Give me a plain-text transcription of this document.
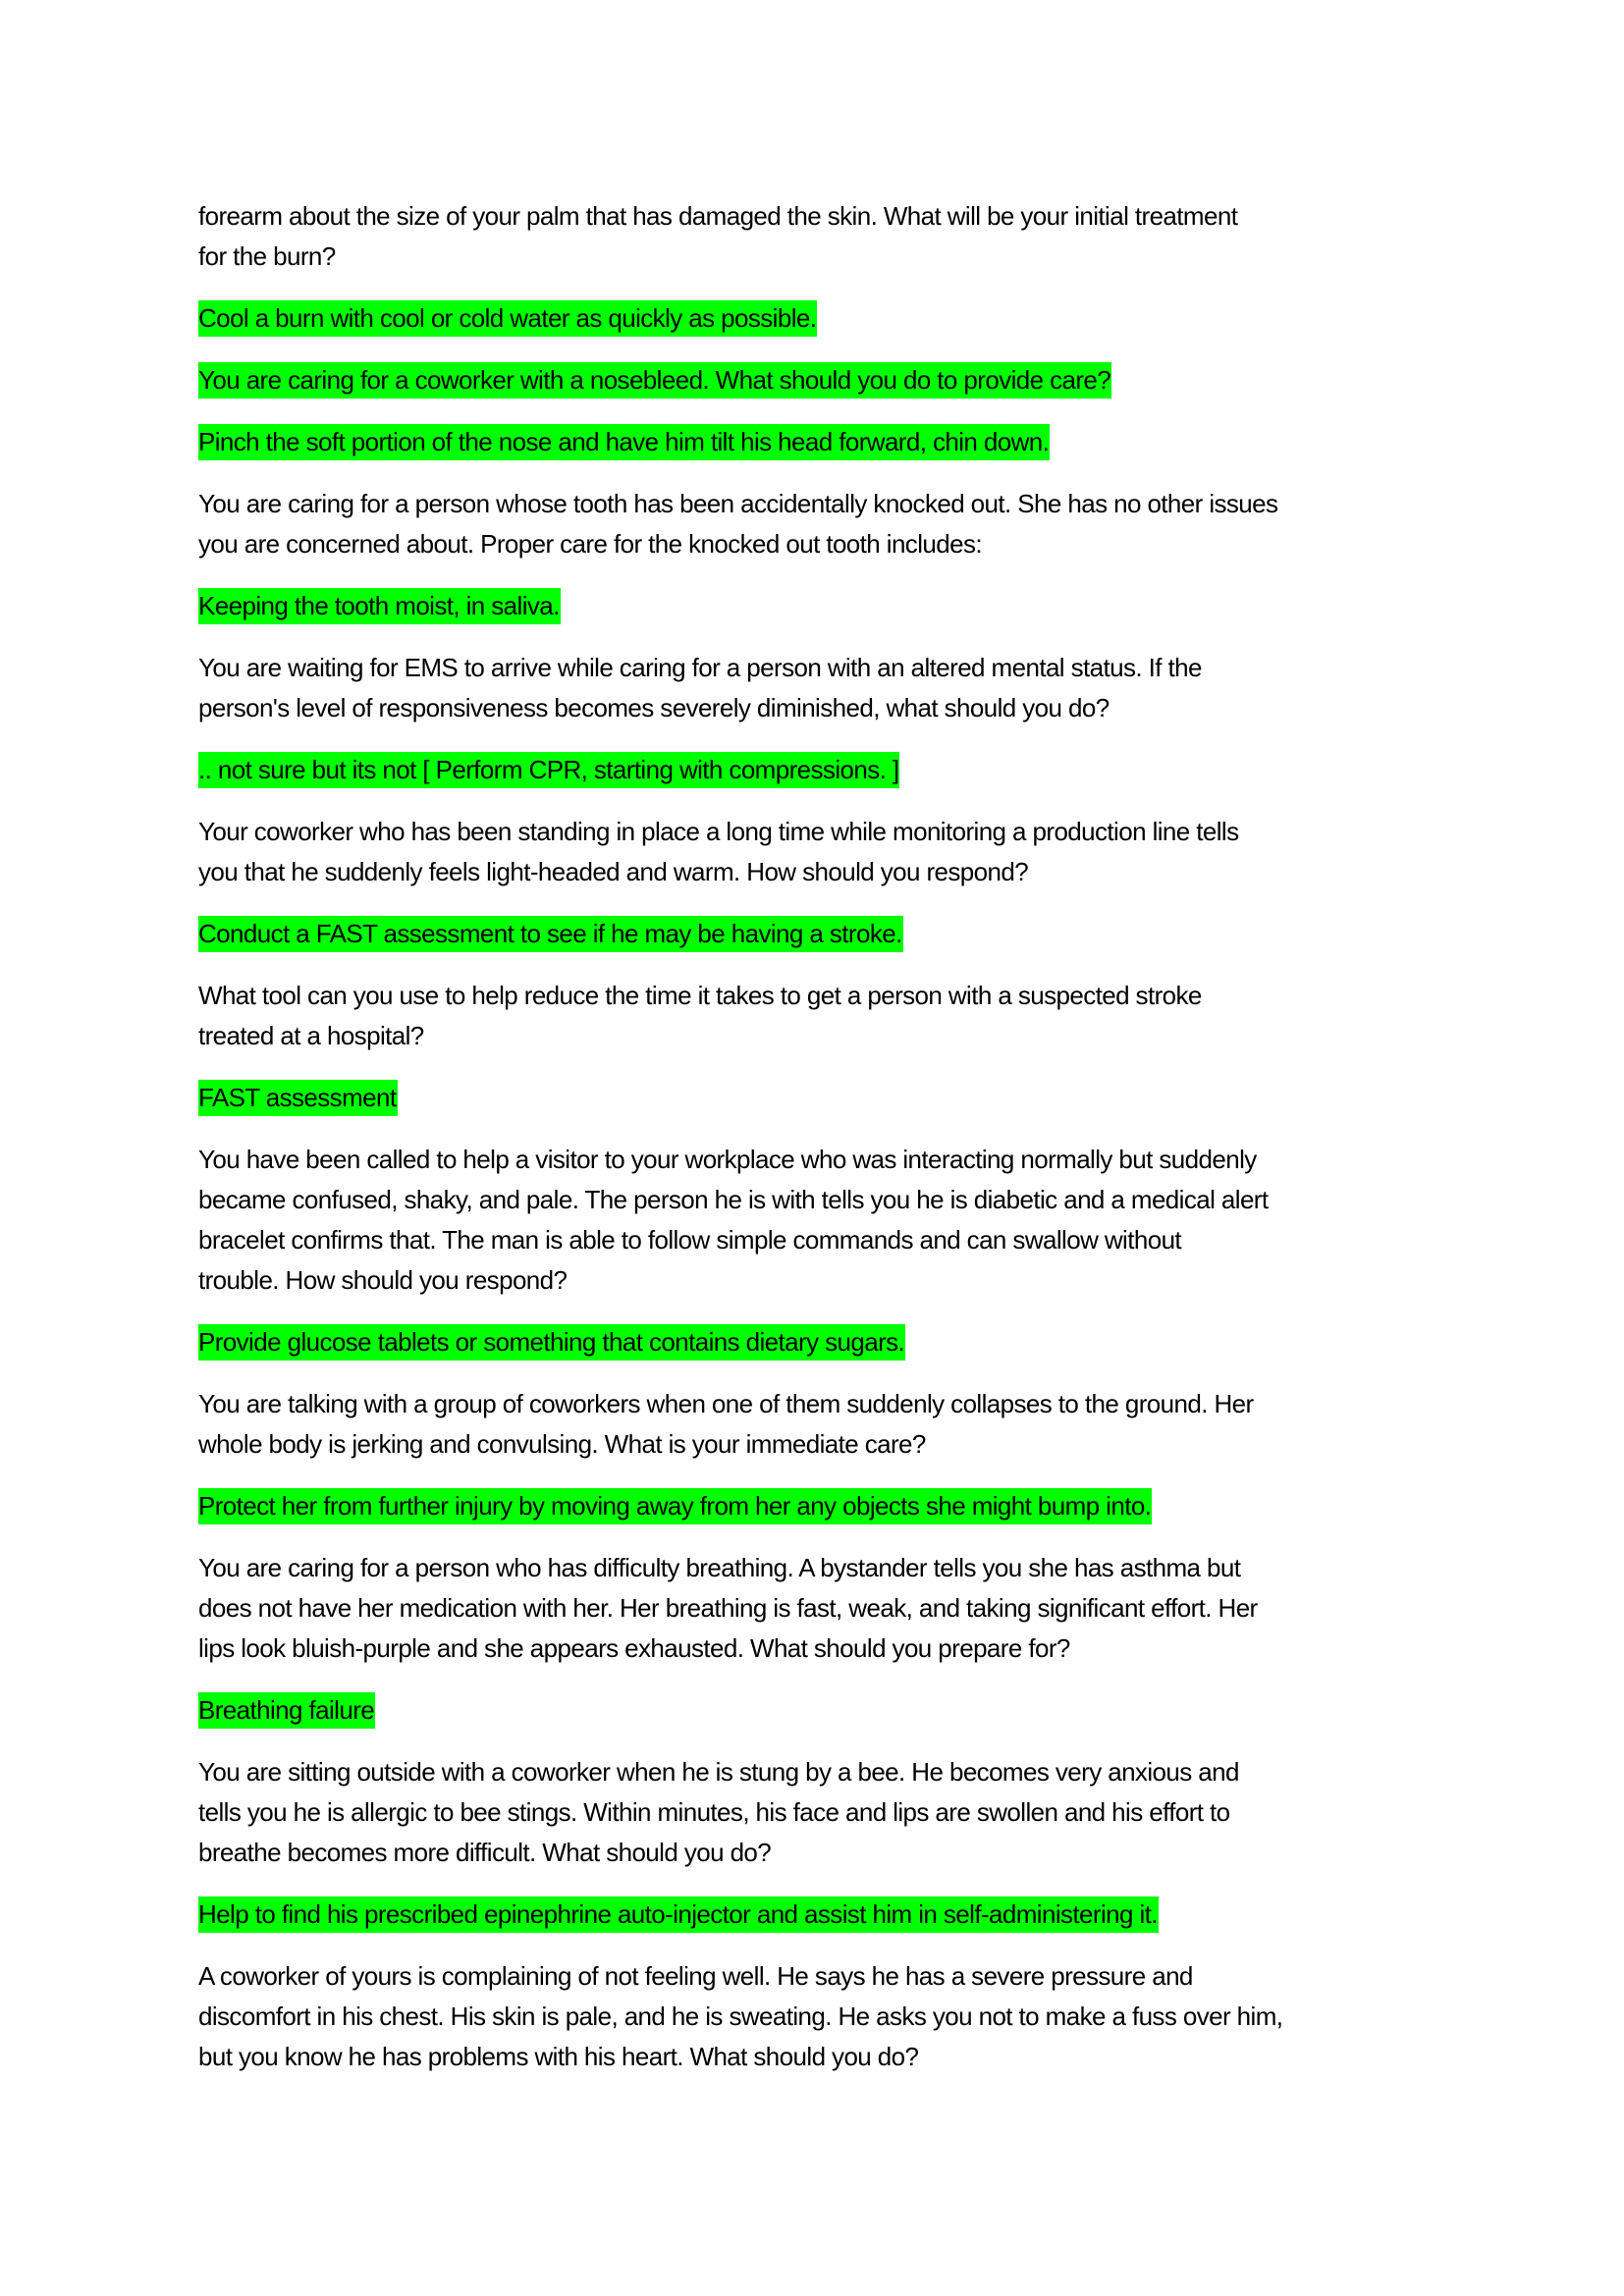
forearm about the size of your palm that has damaged the skin. What will be your initial treatment
for the burn?
Cool a burn with cool or cold water as quickly as possible.
You are caring for a coworker with a nosebleed. What should you do to provide care?
Pinch the soft portion of the nose and have him tilt his head forward, chin down.
You are caring for a person whose tooth has been accidentally knocked out. She has no other issues
you are concerned about. Proper care for the knocked out tooth includes:
Keeping the tooth moist, in saliva.
You are waiting for EMS to arrive while caring for a person with an altered mental status. If the
person's level of responsiveness becomes severely diminished, what should you do?
.. not sure but its not [ Perform CPR, starting with compressions. ]
Your coworker who has been standing in place a long time while monitoring a production line tells
you that he suddenly feels light-headed and warm. How should you respond?
Conduct a FAST assessment to see if he may be having a stroke.
What tool can you use to help reduce the time it takes to get a person with a suspected stroke
treated at a hospital?
FAST assessment
You have been called to help a visitor to your workplace who was interacting normally but suddenly
became confused, shaky, and pale. The person he is with tells you he is diabetic and a medical alert
bracelet confirms that. The man is able to follow simple commands and can swallow without
trouble. How should you respond?
Provide glucose tablets or something that contains dietary sugars.
You are talking with a group of coworkers when one of them suddenly collapses to the ground. Her
whole body is jerking and convulsing. What is your immediate care?
Protect her from further injury by moving away from her any objects she might bump into.
You are caring for a person who has difficulty breathing. A bystander tells you she has asthma but
does not have her medication with her. Her breathing is fast, weak, and taking significant effort. Her
lips look bluish-purple and she appears exhausted. What should you prepare for?
Breathing failure
You are sitting outside with a coworker when he is stung by a bee. He becomes very anxious and
tells you he is allergic to bee stings. Within minutes, his face and lips are swollen and his effort to
breathe becomes more difficult. What should you do?
Help to find his prescribed epinephrine auto-injector and assist him in self-administering it.
A coworker of yours is complaining of not feeling well. He says he has a severe pressure and
discomfort in his chest. His skin is pale, and he is sweating. He asks you not to make a fuss over him,
but you know he has problems with his heart. What should you do?
